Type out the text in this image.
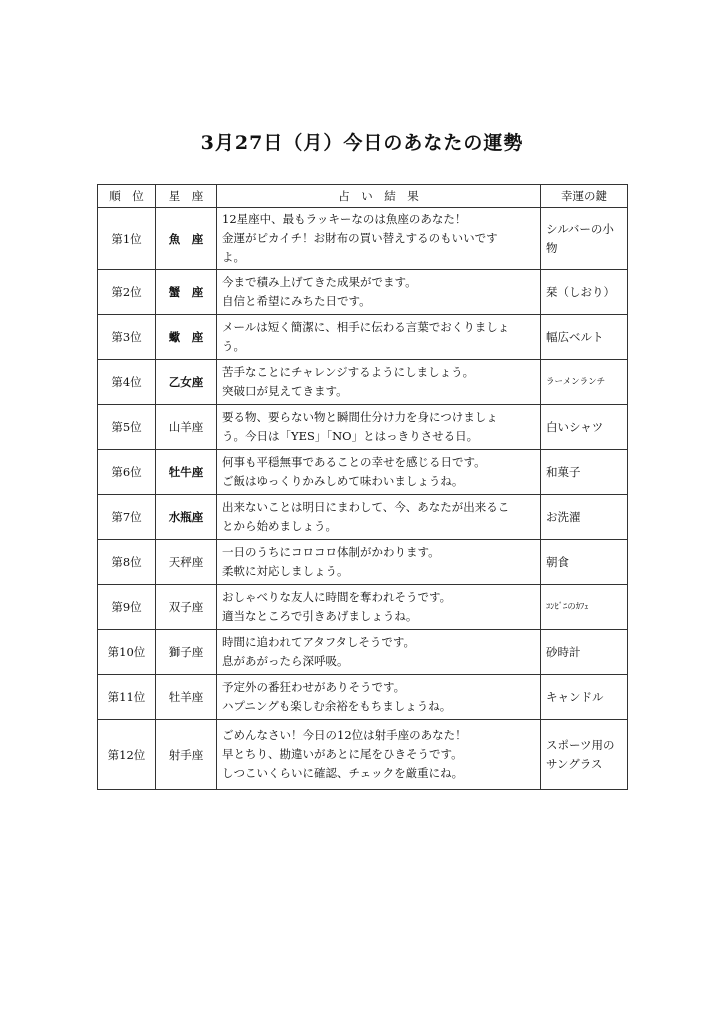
3月27日（月）今日のあなたの運勢
順　位	星　座	占　い　結　果	幸運の鍵
第1位	魚　座	12星座中、最もラッキーなのは魚座のあなた！
金運がピカイチ！お財布の買い替えするのもいいです
よ。	シルバーの小物
第2位	蟹　座	今まで積み上げてきた成果がでます。
自信と希望にみちた日です。	栞（しおり）
第3位	蠍　座	メールは短く簡潔に、相手に伝わる言葉でおくりましょ
う。	幅広ベルト
第4位	乙女座	苦手なことにチャレンジするようにしましょう。
突破口が見えてきます。	ラーメンランチ
第5位	山羊座	要る物、要らない物と瞬間仕分け力を身につけましょ
う。今日は「YES」「NO」とはっきりさせる日。	白いシャツ
第6位	牡牛座	何事も平穏無事であることの幸せを感じる日です。
ご飯はゆっくりかみしめて味わいましょうね。	和菓子
第7位	水瓶座	出来ないことは明日にまわして、今、あなたが出来るこ
とから始めましょう。	お洗濯
第8位	天秤座	一日のうちにコロコロ体制がかわります。
柔軟に対応しましょう。	朝食
第9位	双子座	おしゃべりな友人に時間を奪われそうです。
適当なところで引きあげましょうね。	ｺﾝﾋﾞﾆのｶﾌｪ
第10位	獅子座	時間に追われてアタフタしそうです。
息があがったら深呼吸。	砂時計
第11位	牡羊座	予定外の番狂わせがありそうです。
ハプニングも楽しむ余裕をもちましょうね。	キャンドル
第12位	射手座	ごめんなさい！今日の12位は射手座のあなた！
早とちり、勘違いがあとに尾をひきそうです。
しつこいくらいに確認、チェックを厳重にね。	スポーツ用のサングラス
